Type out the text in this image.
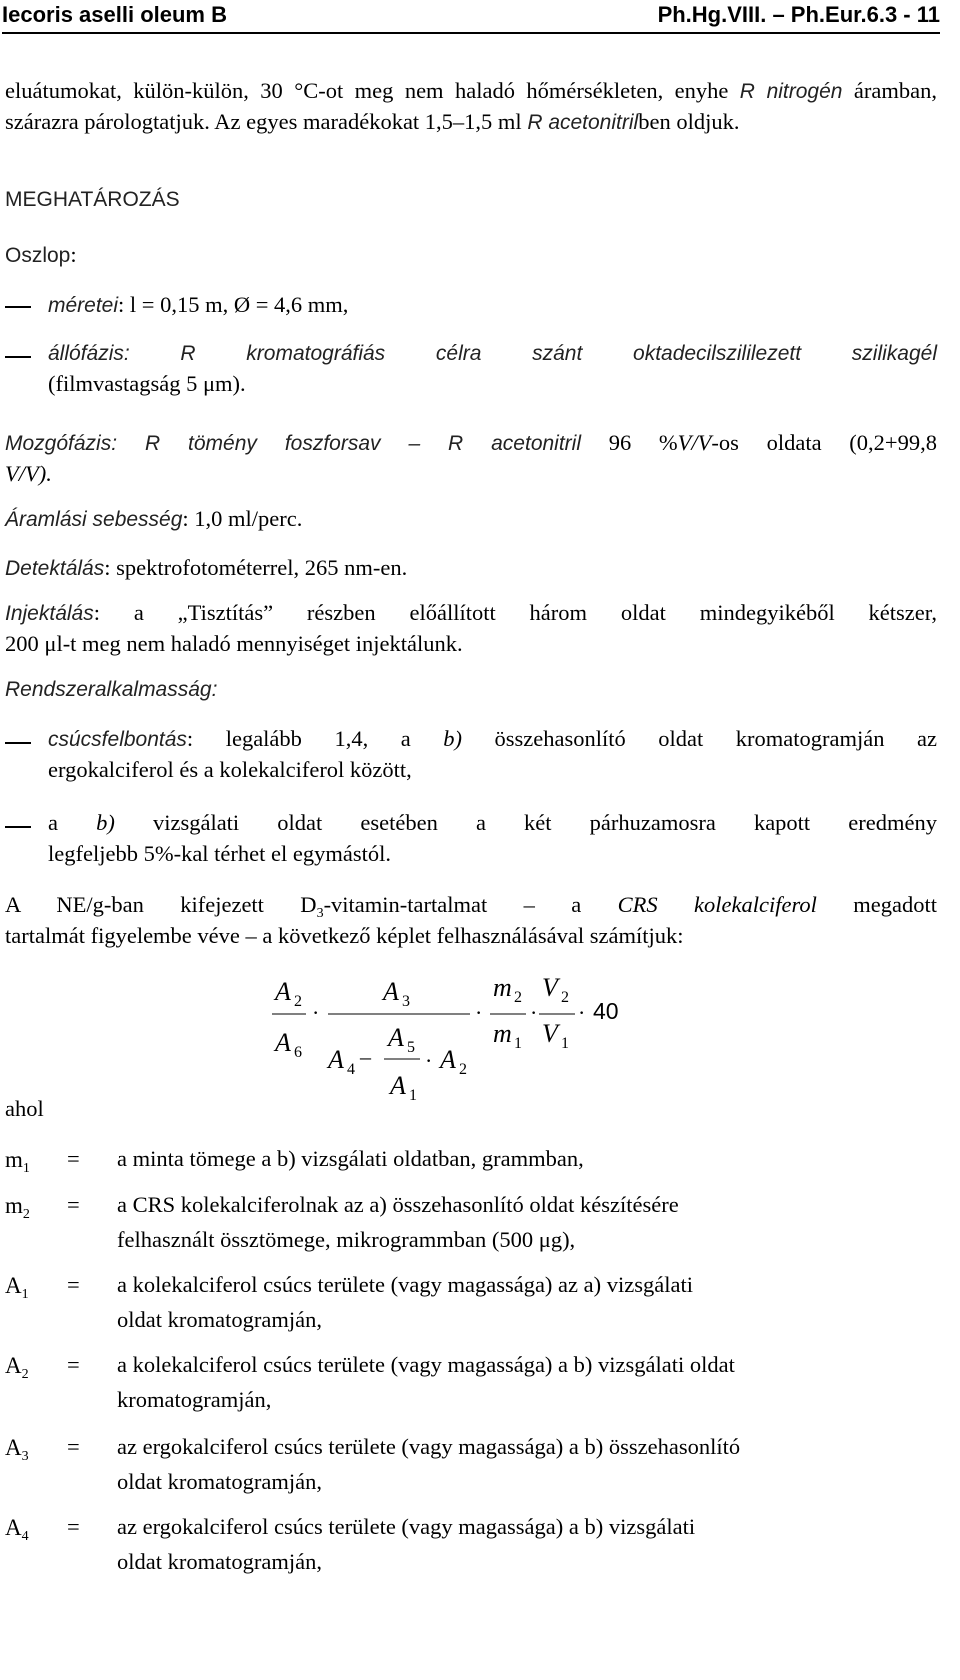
Iecoris aselli oleum B	Ph.Hg.VIII. – Ph.Eur.6.3 - 11
eluátumokat, külön-külön, 30 °C-ot meg nem haladó hőmérsékleten, enyhe R nitrogén áramban, szárazra párologtatjuk. Az egyes maradékokat 1,5–1,5 ml R acetonitrilben oldjuk.
MEGHATÁROZÁS
Oszlop:
méretei: l = 0,15 m, Ø = 4,6 mm,
állófázis: R kromatográfiás célra szánt oktadecilszililezett szilikagél
(filmvastagság 5 μm).
Mozgófázis: R tömény foszforsav – R acetonitril 96 %V/V-os oldata (0,2+99,8
V/V).
Áramlási sebesség: 1,0 ml/perc.
Detektálás: spektrofotométerrel, 265 nm-en.
Injektálás: a „Tisztítás” részben előállított három oldat mindegyikéből kétszer,
200 μl-t meg nem haladó mennyiséget injektálunk.
Rendszeralkalmasság:
csúcsfelbontás: legalább 1,4, a b) összehasonlító oldat kromatogramján az
ergokalciferol és a kolekalciferol között,
a b) vizsgálati oldat esetében a két párhuzamosra kapott eredmény
legfeljebb 5%-kal térhet el egymástól.
A NE/g-ban kifejezett $D_3-vitamin$-tartalmat – a CRS kolekalciferol megadott
tartalmát figyelembe véve – a következő képlet felhasználásával számítjuk:
A 2
A 6
·
A 3
A 4
–
A 5
A 1
· A 2
·
m 2
m 1
·
V 2
V 1
· 40
ahol
$m_1$	= a minta tömege a b) vizsgálati oldatban, grammban,
$m_2$	= a CRS kolekalciferolnak az a) összehasonlító oldat készítésére
felhasznált össztömege, mikrogrammban (500 μg),
$A_1$	= a kolekalciferol csúcs területe (vagy magassága) az a) vizsgálati
oldat kromatogramján,
$A_2$	= a kolekalciferol csúcs területe (vagy magassága) a b) vizsgálati oldat
kromatogramján,
$A_3$	= az ergokalciferol csúcs területe (vagy magassága) a b) összehasonlító
oldat kromatogramján,
$A_4$	= az ergokalciferol csúcs területe (vagy magassága) a b) vizsgálati
oldat kromatogramján,
